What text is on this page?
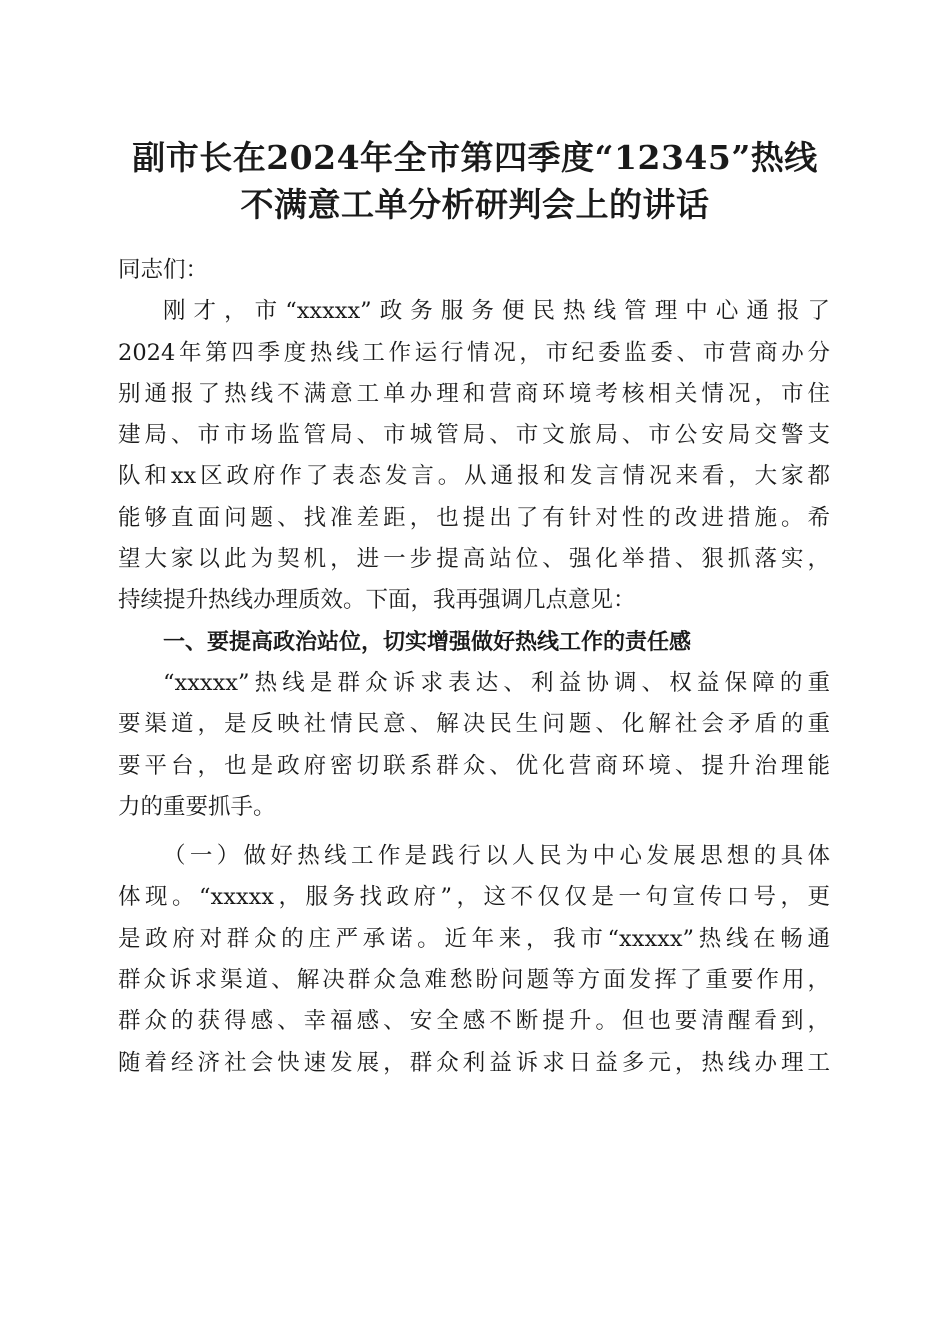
副市长在2024年全市第四季度“12345”热线
不满意工单分析研判会上的讲话
同志们：
刚才，市“xxxxx”政务服务便民热线管理中心通报了
2024年第四季度热线工作运行情况，市纪委监委、市营商办分
别通报了热线不满意工单办理和营商环境考核相关情况，市住
建局、市市场监管局、市城管局、市文旅局、市公安局交警支
队和xx区政府作了表态发言。从通报和发言情况来看，大家都
能够直面问题、找准差距，也提出了有针对性的改进措施。希
望大家以此为契机，进一步提高站位、强化举措、狠抓落实，
持续提升热线办理质效。下面，我再强调几点意见：
一、要提高政治站位，切实增强做好热线工作的责任感
“xxxxx”热线是群众诉求表达、利益协调、权益保障的重
要渠道，是反映社情民意、解决民生问题、化解社会矛盾的重
要平台，也是政府密切联系群众、优化营商环境、提升治理能
力的重要抓手。
（一）做好热线工作是践行以人民为中心发展思想的具体
体现。“xxxxx，服务找政府”，这不仅仅是一句宣传口号，更
是政府对群众的庄严承诺。近年来，我市“xxxxx”热线在畅通
群众诉求渠道、解决群众急难愁盼问题等方面发挥了重要作用，
群众的获得感、幸福感、安全感不断提升。但也要清醒看到，
随着经济社会快速发展，群众利益诉求日益多元，热线办理工
